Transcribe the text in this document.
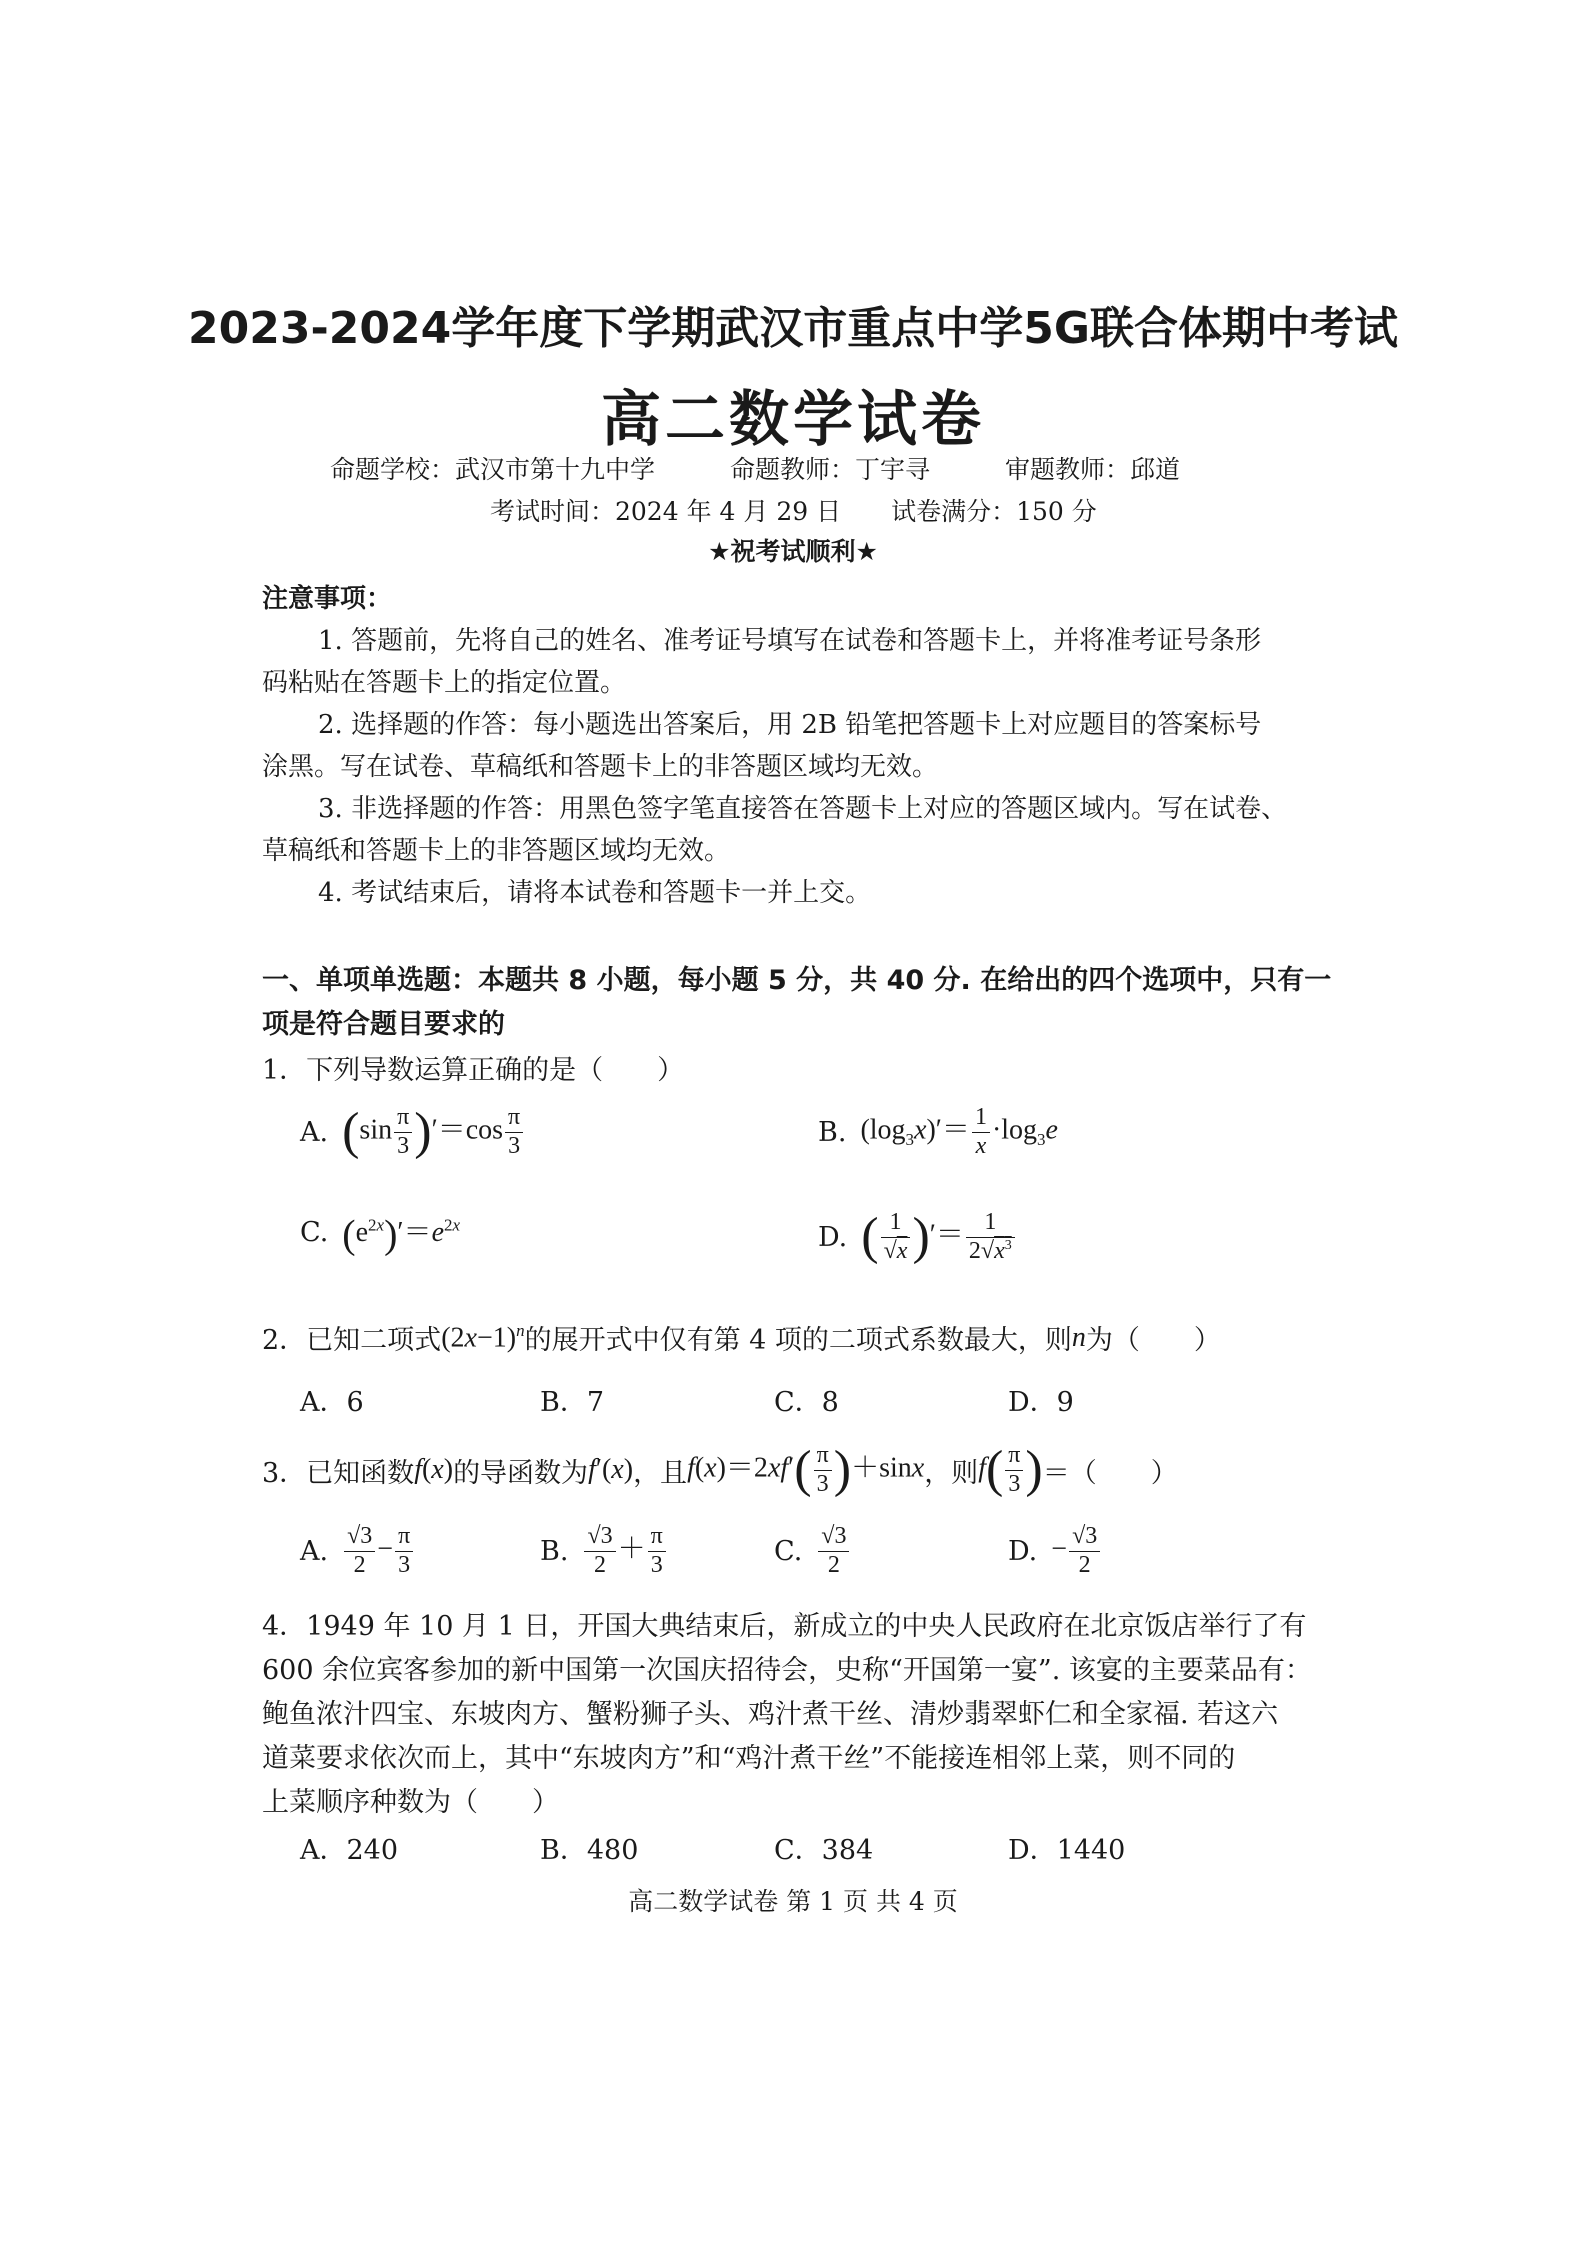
2023-2024学年度下学期武汉市重点中学5G联合体期中考试
高二数学试卷
命题学校：武汉市第十九中学　　　命题教师：丁宇寻　　　审题教师：邱道
考试时间：2024 年 4 月 29 日　　试卷满分：150 分
★祝考试顺利★
注意事项：
1. 答题前，先将自己的姓名、准考证号填写在试卷和答题卡上，并将准考证号条形
码粘贴在答题卡上的指定位置。
2. 选择题的作答：每小题选出答案后，用 2B 铅笔把答题卡上对应题目的答案标号
涂黑。写在试卷、草稿纸和答题卡上的非答题区域均无效。
3. 非选择题的作答：用黑色签字笔直接答在答题卡上对应的答题区域内。写在试卷、
草稿纸和答题卡上的非答题区域均无效。
4. 考试结束后，请将本试卷和答题卡一并上交。
一、单项单选题：本题共 8 小题，每小题 5 分，共 40 分. 在给出的四个选项中，只有一
项是符合题目要求的
1．下列导数运算正确的是（　　）
A. $(\sin \frac{\pi}{3} )'=\cos \frac{\pi}{3}$	B. $(\log_3x)'= \frac{1}{x} \cdot\log_3e$
C. $(e^{2x})'=e^{2x}$	D. ( $\frac{1}{√x}$ )′＝ $\frac{1}{2√x^3}$
2．已知二项式 $(2x-1)^n$ 的展开式中仅有第 4 项的二项式系数最大，则 n 为（　　）
A．6	B．7	C．8	D．9
3．已知函数 f(x) 的导函数为 f′(x) ，且 $f(x)=2xf'( \frac{\pi}{3} )+\sin x$ ，则 $f( \frac{\pi}{3}$ ) ＝（　　）
A. $\frac{√3}{2} - \frac{\pi}{3}$	B. $\frac{√3}{2} + \frac{\pi}{3}$	C. $\frac{√3}{2}$	D. − $\frac{√3}{2}$
4．1949 年 10 月 1 日，开国大典结束后，新成立的中央人民政府在北京饭店举行了有
600 余位宾客参加的新中国第一次国庆招待会，史称“开国第一宴”. 该宴的主要菜品有：
鲍鱼浓汁四宝、东坡肉方、蟹粉狮子头、鸡汁煮干丝、清炒翡翠虾仁和全家福. 若这六
道菜要求依次而上，其中“东坡肉方”和“鸡汁煮干丝”不能接连相邻上菜，则不同的
上菜顺序种数为（　　）
A．240	B．480	C．384	D．1440
高二数学试卷 第 1 页 共 4 页
